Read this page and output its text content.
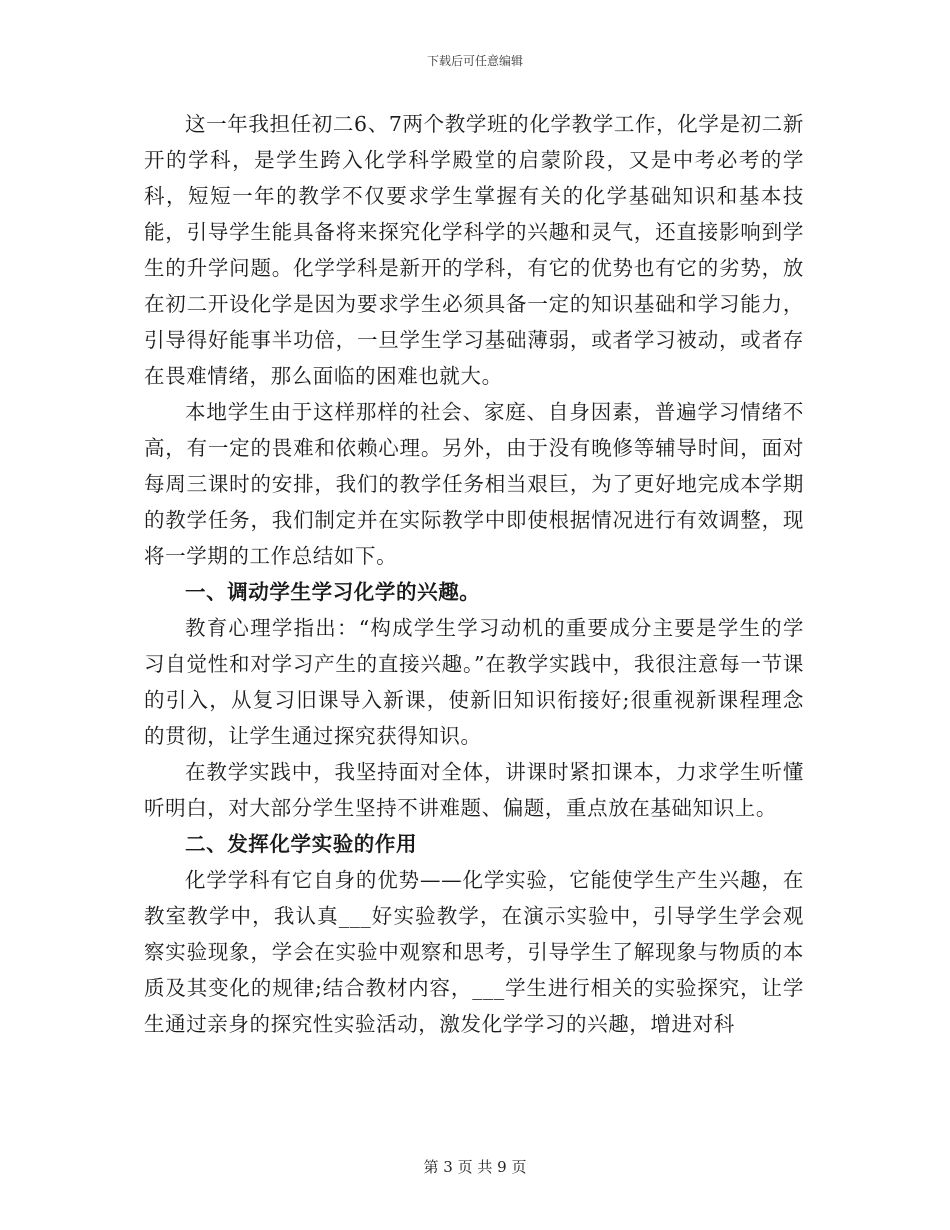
下载后可任意编辑

这一年我担任初二6、7两个教学班的化学教学工作，化学是初二新开的学科，是学生跨入化学科学殿堂的启蒙阶段，又是中考必考的学科，短短一年的教学不仅要求学生掌握有关的化学基础知识和基本技能，引导学生能具备将来探究化学科学的兴趣和灵气，还直接影响到学生的升学问题。化学学科是新开的学科，有它的优势也有它的劣势，放在初二开设化学是因为要求学生必须具备一定的知识基础和学习能力，引导得好能事半功倍，一旦学生学习基础薄弱，或者学习被动，或者存在畏难情绪，那么面临的困难也就大。

本地学生由于这样那样的社会、家庭、自身因素，普遍学习情绪不高，有一定的畏难和依赖心理。另外，由于没有晚修等辅导时间，面对每周三课时的安排，我们的教学任务相当艰巨，为了更好地完成本学期的教学任务，我们制定并在实际教学中即使根据情况进行有效调整，现将一学期的工作总结如下。

一、调动学生学习化学的兴趣。

教育心理学指出：“构成学生学习动机的重要成分主要是学生的学习自觉性和对学习产生的直接兴趣。”在教学实践中，我很注意每一节课的引入，从复习旧课导入新课，使新旧知识衔接好;很重视新课程理念的贯彻，让学生通过探究获得知识。

在教学实践中，我坚持面对全体，讲课时紧扣课本，力求学生听懂听明白，对大部分学生坚持不讲难题、偏题，重点放在基础知识上。

二、发挥化学实验的作用

化学学科有它自身的优势——化学实验，它能使学生产生兴趣，在教室教学中，我认真___好实验教学，在演示实验中，引导学生学会观察实验现象，学会在实验中观察和思考，引导学生了解现象与物质的本质及其变化的规律;结合教材内容，___学生进行相关的实验探究，让学生通过亲身的探究性实验活动，激发化学学习的兴趣，增进对科

第 3 页 共 9 页
